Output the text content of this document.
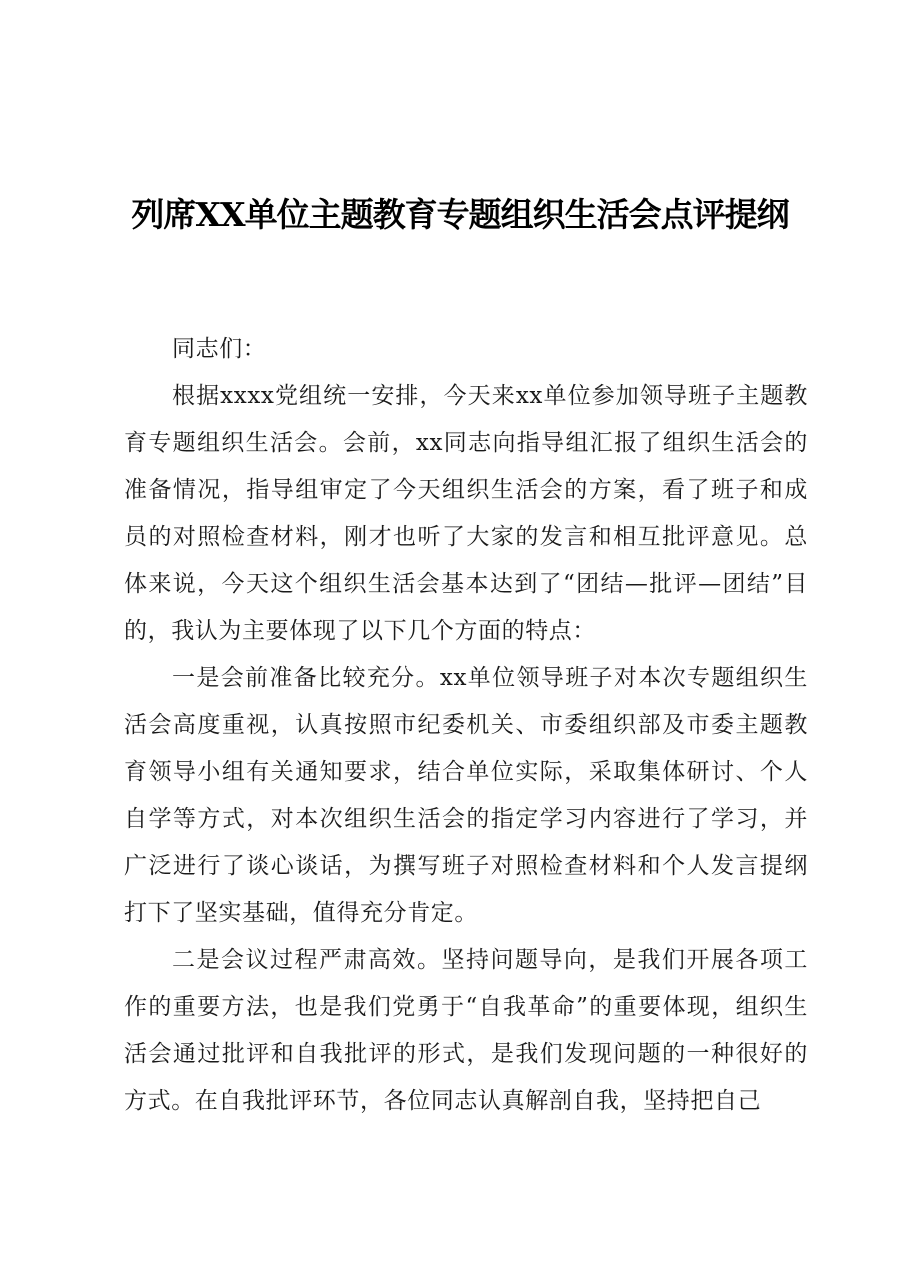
列席XX单位主题教育专题组织生活会点评提纲

同志们：

根据xxxx党组统一安排，今天来xx单位参加领导班子主题教育专题组织生活会。会前，xx同志向指导组汇报了组织生活会的准备情况，指导组审定了今天组织生活会的方案，看了班子和成员的对照检查材料，刚才也听了大家的发言和相互批评意见。总体来说，今天这个组织生活会基本达到了“团结—批评—团结”目的，我认为主要体现了以下几个方面的特点：

一是会前准备比较充分。xx单位领导班子对本次专题组织生活会高度重视，认真按照市纪委机关、市委组织部及市委主题教育领导小组有关通知要求，结合单位实际，采取集体研讨、个人自学等方式，对本次组织生活会的指定学习内容进行了学习，并广泛进行了谈心谈话，为撰写班子对照检查材料和个人发言提纲打下了坚实基础，值得充分肯定。

二是会议过程严肃高效。坚持问题导向，是我们开展各项工作的重要方法，也是我们党勇于“自我革命”的重要体现，组织生活会通过批评和自我批评的形式，是我们发现问题的一种很好的方式。在自我批评环节，各位同志认真解剖自我，坚持把自己
